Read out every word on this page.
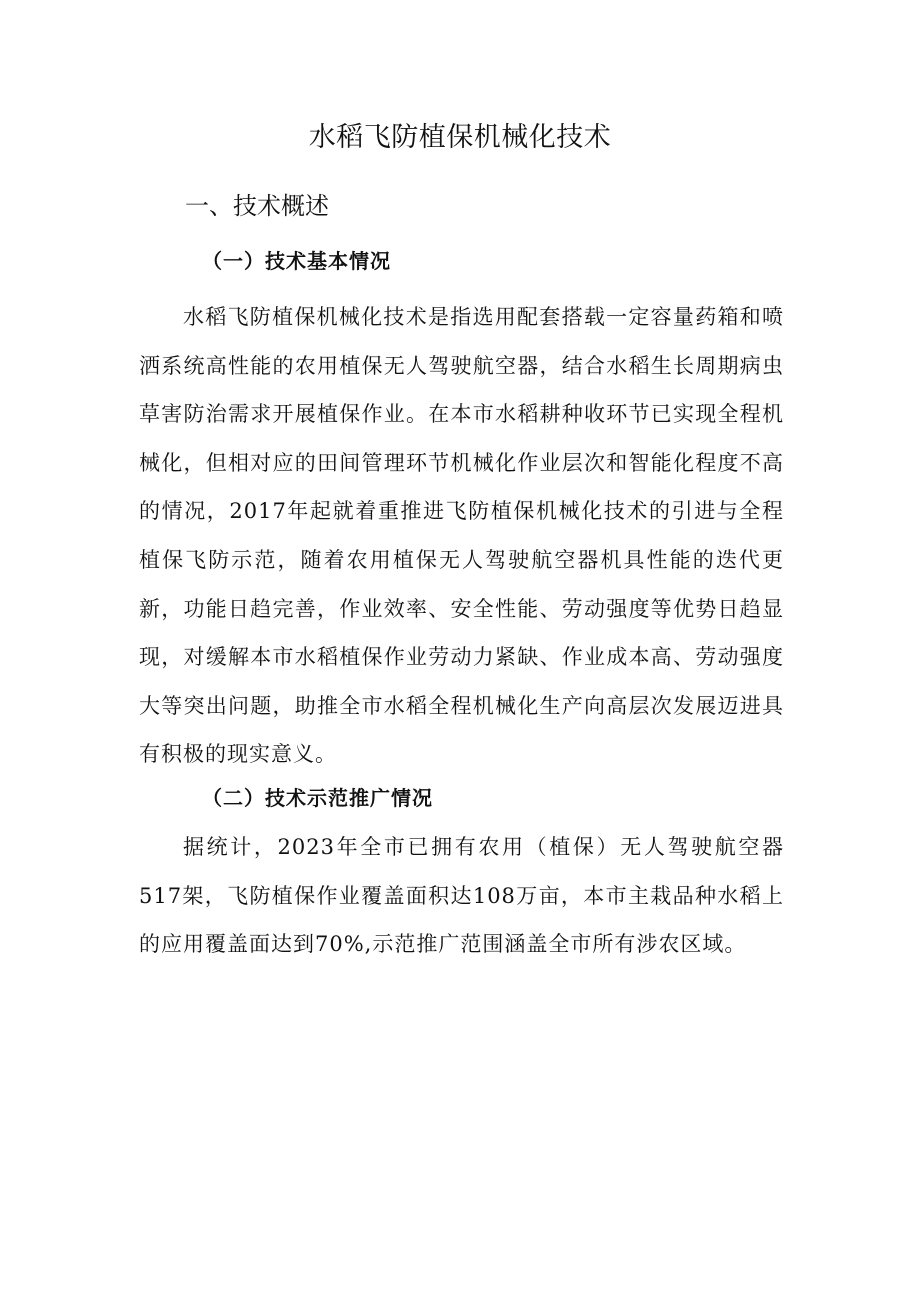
水稻飞防植保机械化技术
一、技术概述
（一）技术基本情况

水稻飞防植保机械化技术是指选用配套搭载一定容量药箱和喷洒系统高性能的农用植保无人驾驶航空器，结合水稻生长周期病虫草害防治需求开展植保作业。在本市水稻耕种收环节已实现全程机械化，但相对应的田间管理环节机械化作业层次和智能化程度不高的情况，2017年起就着重推进飞防植保机械化技术的引进与全程植保飞防示范，随着农用植保无人驾驶航空器机具性能的迭代更新，功能日趋完善，作业效率、安全性能、劳动强度等优势日趋显现，对缓解本市水稻植保作业劳动力紧缺、作业成本高、劳动强度大等突出问题，助推全市水稻全程机械化生产向高层次发展迈进具有积极的现实意义。

（二）技术示范推广情况

据统计，2023年全市已拥有农用（植保）无人驾驶航空器517架，飞防植保作业覆盖面积达108万亩，本市主栽品种水稻上的应用覆盖面达到70%,示范推广范围涵盖全市所有涉农区域。
